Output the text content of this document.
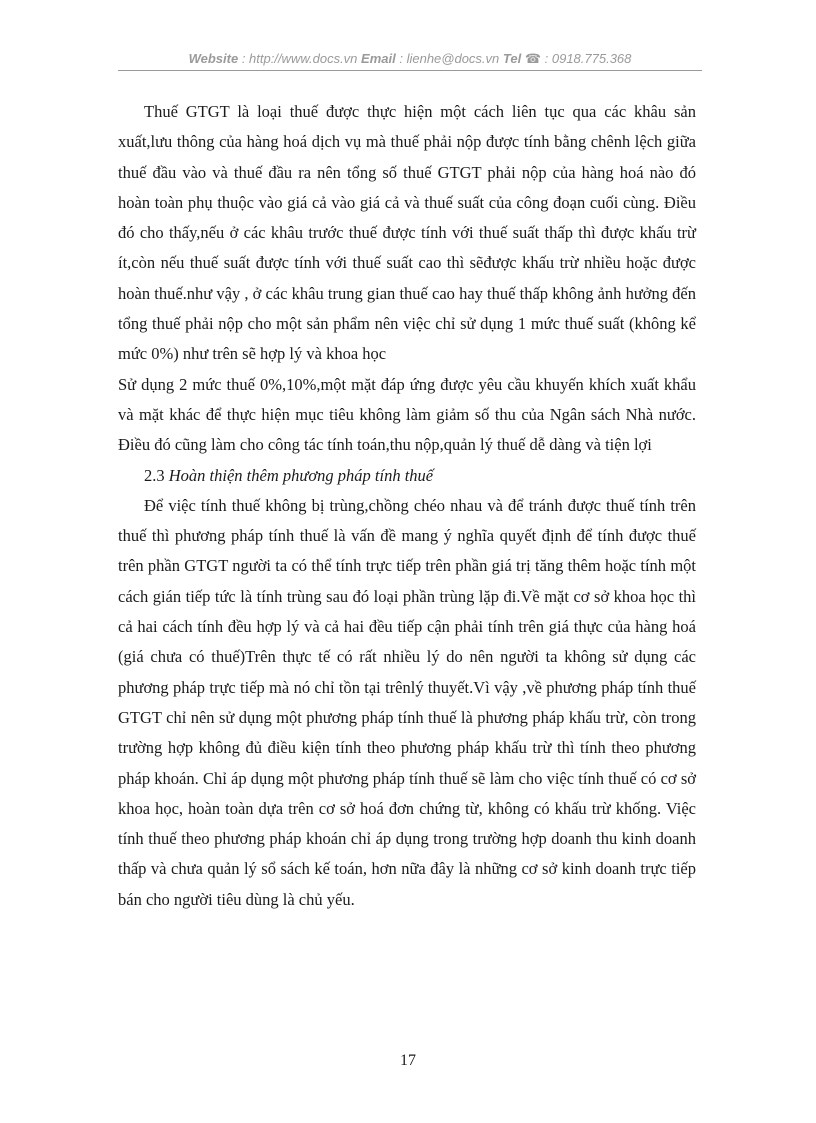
Website : http://www.docs.vn Email : lienhe@docs.vn Tel ☎ : 0918.775.368

Thuế GTGT là loại thuế được thực hiện một cách liên tục qua các khâu sản xuất,lưu thông của hàng hoá dịch vụ mà thuế phải nộp được tính bằng chênh lệch giữa thuế đầu vào và thuế đầu ra nên tổng số thuế GTGT phải nộp của hàng hoá nào đó hoàn toàn phụ thuộc vào giá cả vào giá cả và thuế suất của công đoạn cuối cùng. Điều đó cho thấy,nếu ở các khâu trước thuế được tính với thuế suất thấp thì được khấu trừ ít,còn nếu thuế suất được tính với thuế suất cao thì sẽđược khấu trừ nhiều hoặc được hoàn thuế.như vậy , ở các khâu trung gian thuế cao hay thuế thấp không ảnh hưởng đến tổng thuế phải nộp cho một sản phẩm nên việc chỉ sử dụng 1 mức thuế suất (không kể mức 0%) như trên sẽ hợp lý và khoa học

Sử dụng 2 mức thuế 0%,10%,một mặt đáp ứng được yêu cầu khuyến khích xuất khẩu và mặt khác để thực hiện mục tiêu không làm giảm số thu của Ngân sách Nhà nước. Điều đó cũng làm cho công tác tính toán,thu nộp,quản lý thuế dễ dàng và tiện lợi

2.3 Hoàn thiện thêm phương pháp tính thuế

Để việc tính thuế không bị trùng,chồng chéo nhau và để tránh được thuế tính trên thuế thì phương pháp tính thuế là vấn đề mang ý nghĩa quyết định để tính được thuế trên phần GTGT người ta có thể tính trực tiếp trên phần giá trị tăng thêm hoặc tính một cách gián tiếp tức là tính trùng sau đó loại phần trùng lặp đi.Về mặt cơ sở khoa học thì cả hai cách tính đều hợp lý và cả hai đều tiếp cận phải tính trên giá thực của hàng hoá (giá chưa có thuế)Trên thực tế có rất nhiều lý do nên người ta không sử dụng các phương pháp trực tiếp mà nó chỉ tồn tại trênlý thuyết.Vì vậy ,về phương pháp tính thuế GTGT chỉ nên sử dụng một phương pháp tính thuế là phương pháp khấu trừ, còn trong trường hợp không đủ điều kiện tính theo phương pháp khấu trừ thì tính theo phương pháp khoán. Chỉ áp dụng một phương pháp tính thuế sẽ làm cho việc tính thuế có cơ sở khoa học, hoàn toàn dựa trên cơ sở hoá đơn chứng từ, không có khấu trừ khống. Việc tính thuế theo phương pháp khoán chỉ áp dụng trong trường hợp doanh thu kinh doanh thấp và chưa quản lý sổ sách kế toán, hơn nữa đây là những cơ sở kinh doanh trực tiếp bán cho người tiêu dùng là chủ yếu.

17
